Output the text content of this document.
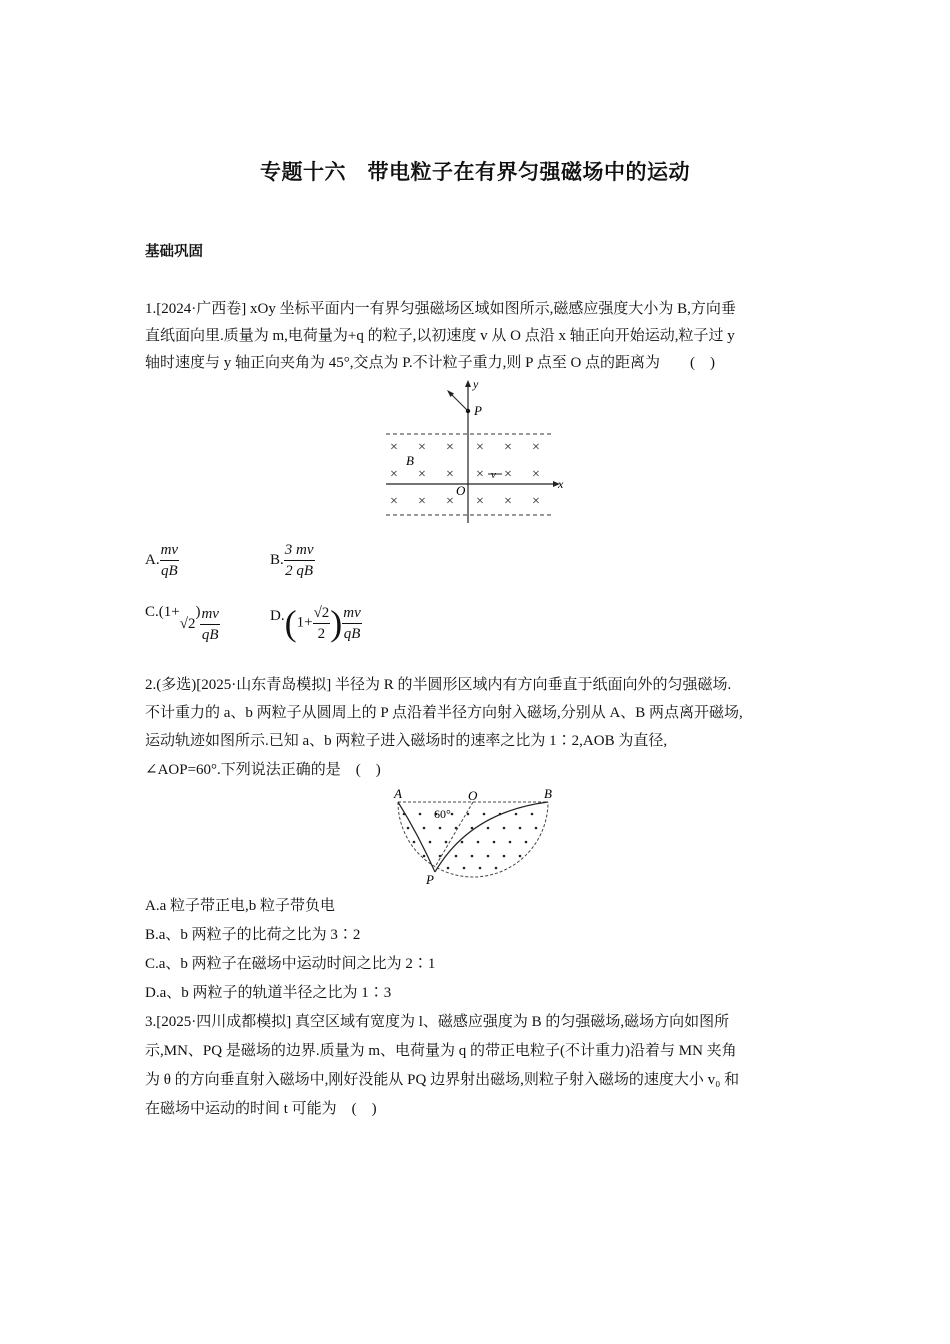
专题十六　带电粒子在有界匀强磁场中的运动
基础巩固
1.[2024·广西卷] xOy 坐标平面内一有界匀强磁场区域如图所示,磁感应强度大小为 B,方向垂
直纸面向里.质量为 m,电荷量为+q 的粒子,以初速度 v 从 O 点沿 x 轴正向开始运动,粒子过 y
轴时速度与 y 轴正向夹角为 45°,交点为 P.不计粒子重力,则 P 点至 O 点的距离为　　(　)
× × × × × ×
× × × × × ×
× × × × × ×
y
P
B
v
O	x
A. $\frac{mv}{qB}$	B. $\frac{3 mv}{2 qB}$
$C.(1+√2) \frac{mv}{qB}$	$D.(1+ \frac{√2}{2}$ ) $\frac{mv}{qB}$
2.(多选)[2025·山东青岛模拟] 半径为 R 的半圆形区域内有方向垂直于纸面向外的匀强磁场.
不计重力的 a、b 两粒子从圆周上的 P 点沿着半径方向射入磁场,分别从 A、B 两点离开磁场,
运动轨迹如图所示.已知 a、b 两粒子进入磁场时的速率之比为 1∶2,AOB 为直径,
∠AOP=60°.下列说法正确的是　(　)
A	O	B
60°
P
A.a 粒子带正电,b 粒子带负电
B.a、b 两粒子的比荷之比为 3∶2
C.a、b 两粒子在磁场中运动时间之比为 2∶1
D.a、b 两粒子的轨道半径之比为 1∶3
3.[2025·四川成都模拟] 真空区域有宽度为 l、磁感应强度为 B 的匀强磁场,磁场方向如图所
示,MN、PQ 是磁场的边界.质量为 m、电荷量为 q 的带正电粒子(不计重力)沿着与 MN 夹角
为 θ 的方向垂直射入磁场中,刚好没能从 PQ 边界射出磁场,则粒子射入磁场的速度大小 v₀ 和
在磁场中运动的时间 t 可能为　(　)
